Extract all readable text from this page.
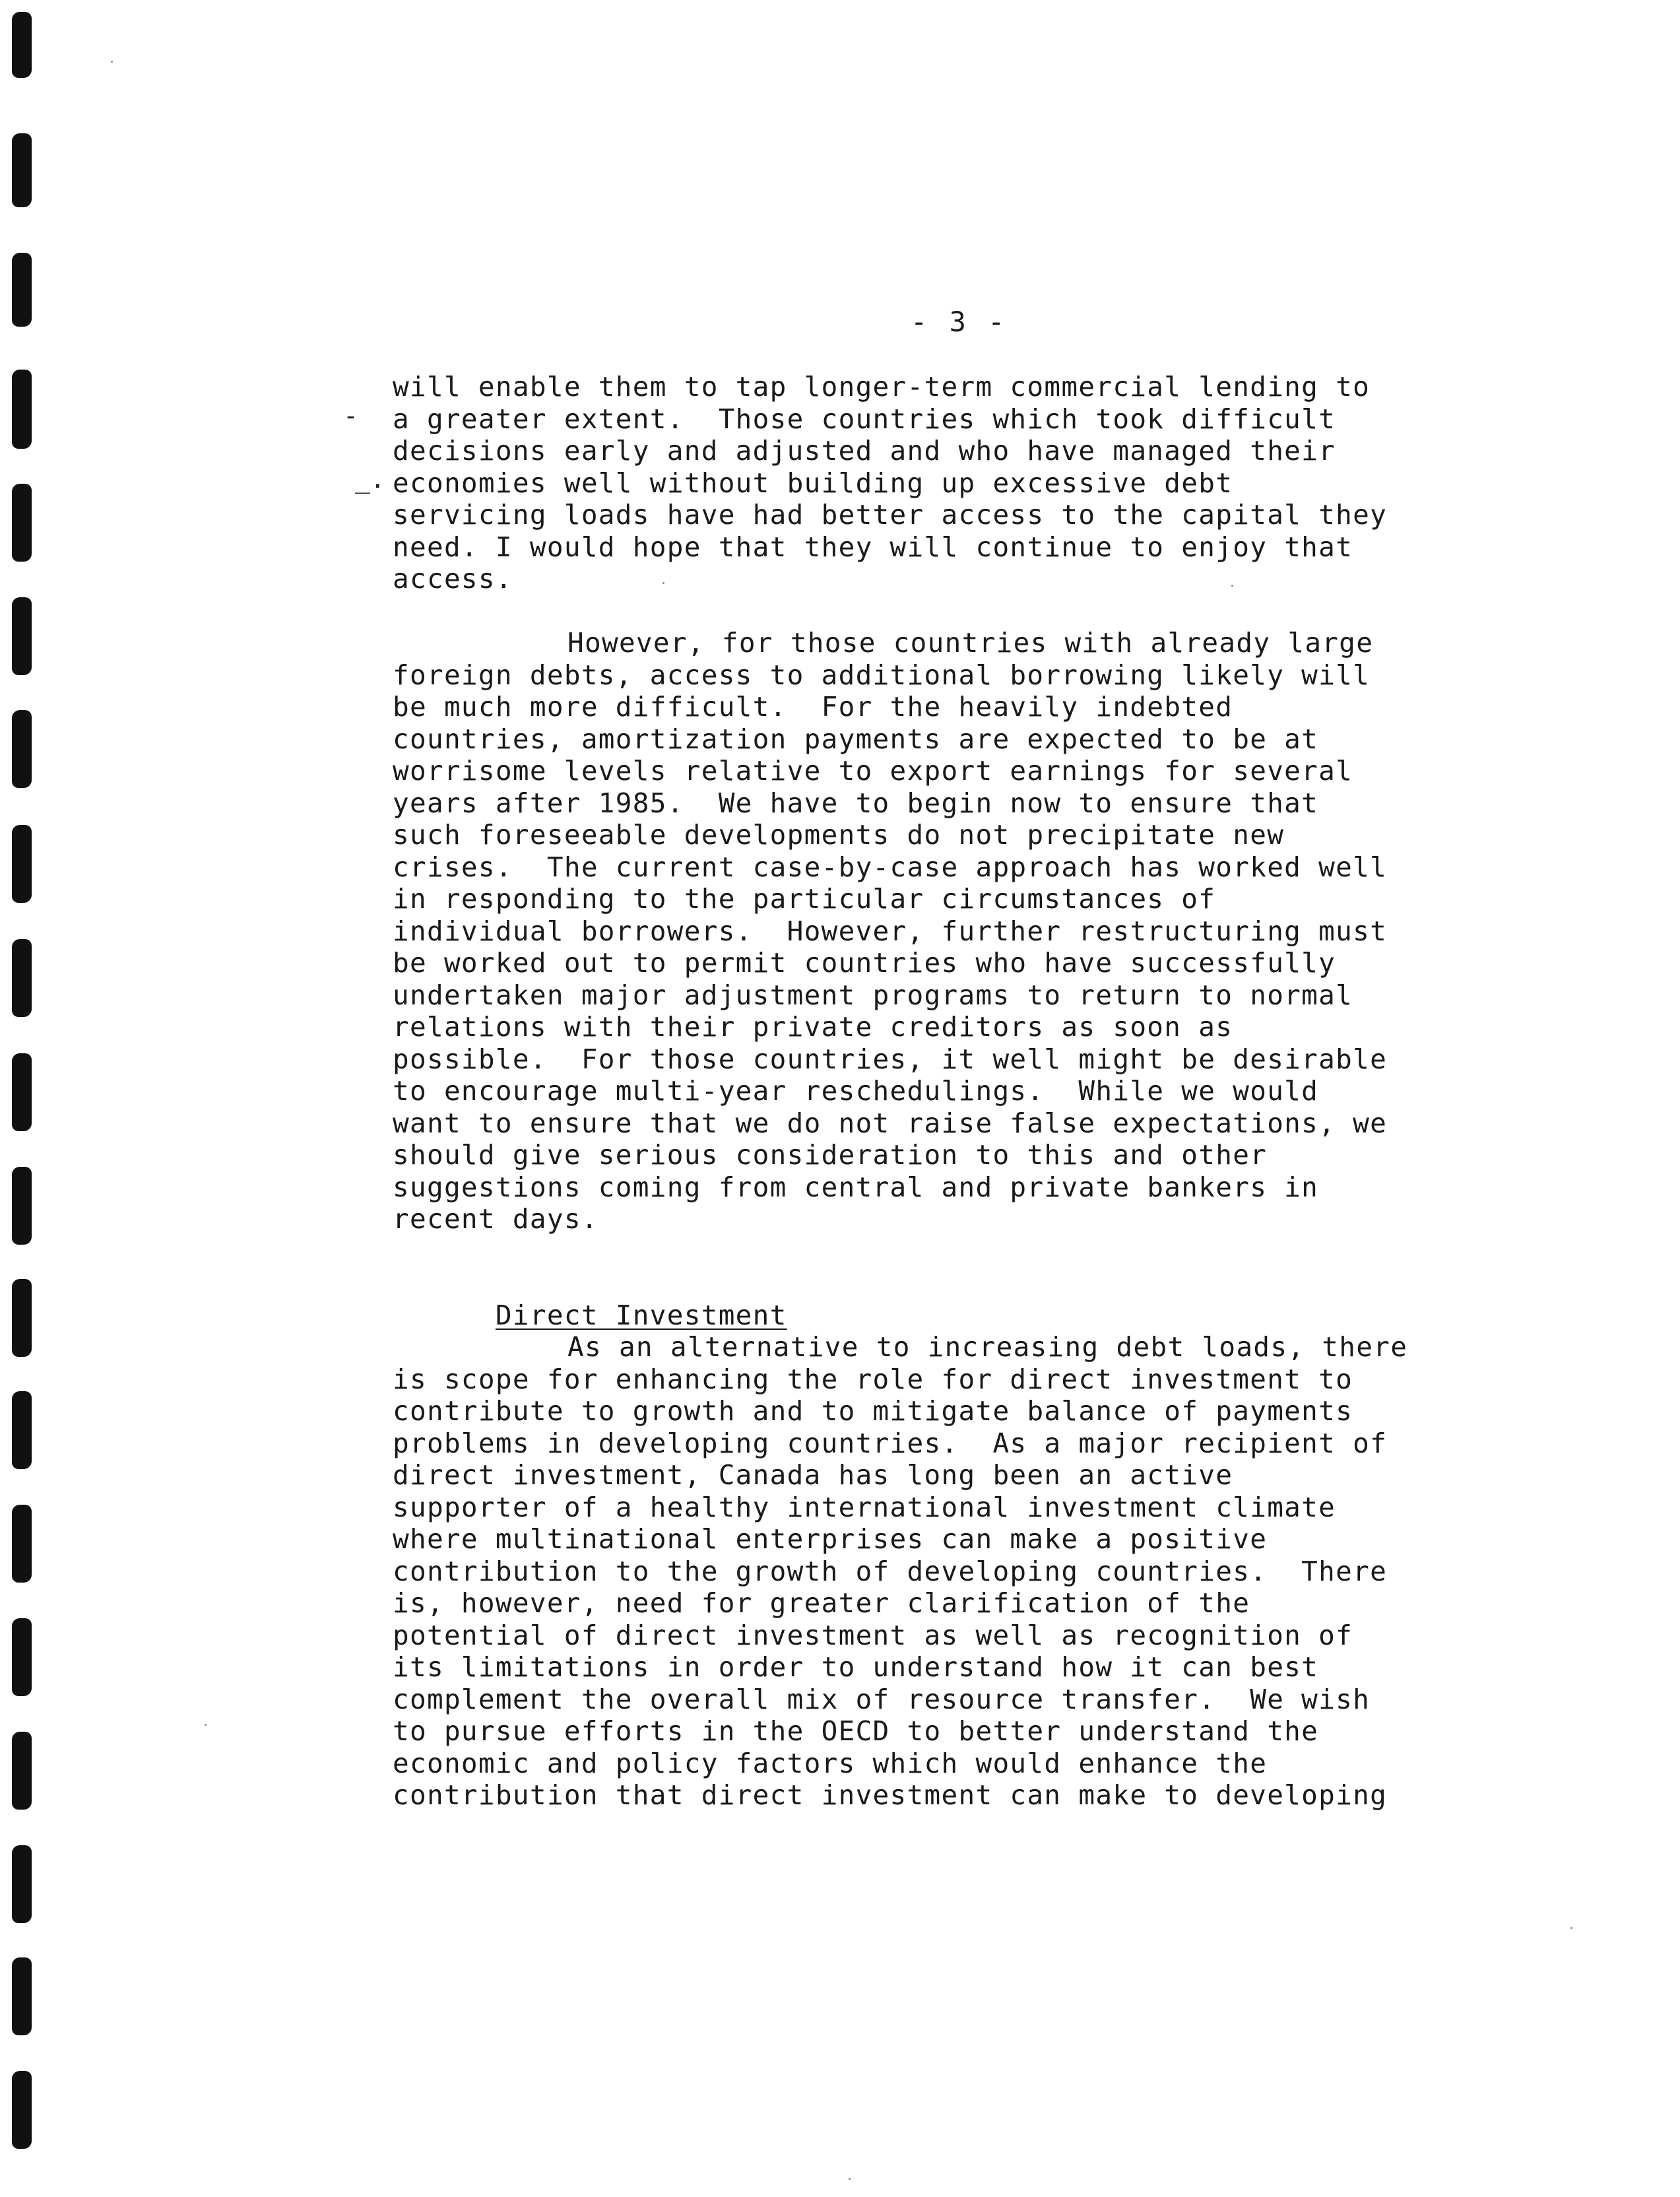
-
_.
- 3 -
will enable them to tap longer-term commercial lending to
a greater extent.  Those countries which took difficult
decisions early and adjusted and who have managed their
economies well without building up excessive debt
servicing loads have had better access to the capital they
need. I would hope that they will continue to enjoy that
access.
However, for those countries with already large
foreign debts, access to additional borrowing likely will
be much more difficult.  For the heavily indebted
countries, amortization payments are expected to be at
worrisome levels relative to export earnings for several
years after 1985.  We have to begin now to ensure that
such foreseeable developments do not precipitate new
crises.  The current case-by-case approach has worked well
in responding to the particular circumstances of
individual borrowers.  However, further restructuring must
be worked out to permit countries who have successfully
undertaken major adjustment programs to return to normal
relations with their private creditors as soon as
possible.  For those countries, it well might be desirable
to encourage multi-year reschedulings.  While we would
want to ensure that we do not raise false expectations, we
should give serious consideration to this and other
suggestions coming from central and private bankers in
recent days.

Direct Investment

As an alternative to increasing debt loads, there
is scope for enhancing the role for direct investment to
contribute to growth and to mitigate balance of payments
problems in developing countries.  As a major recipient of
direct investment, Canada has long been an active
supporter of a healthy international investment climate
where multinational enterprises can make a positive
contribution to the growth of developing countries.  There
is, however, need for greater clarification of the
potential of direct investment as well as recognition of
its limitations in order to understand how it can best
complement the overall mix of resource transfer.  We wish
to pursue efforts in the OECD to better understand the
economic and policy factors which would enhance the
contribution that direct investment can make to developing
